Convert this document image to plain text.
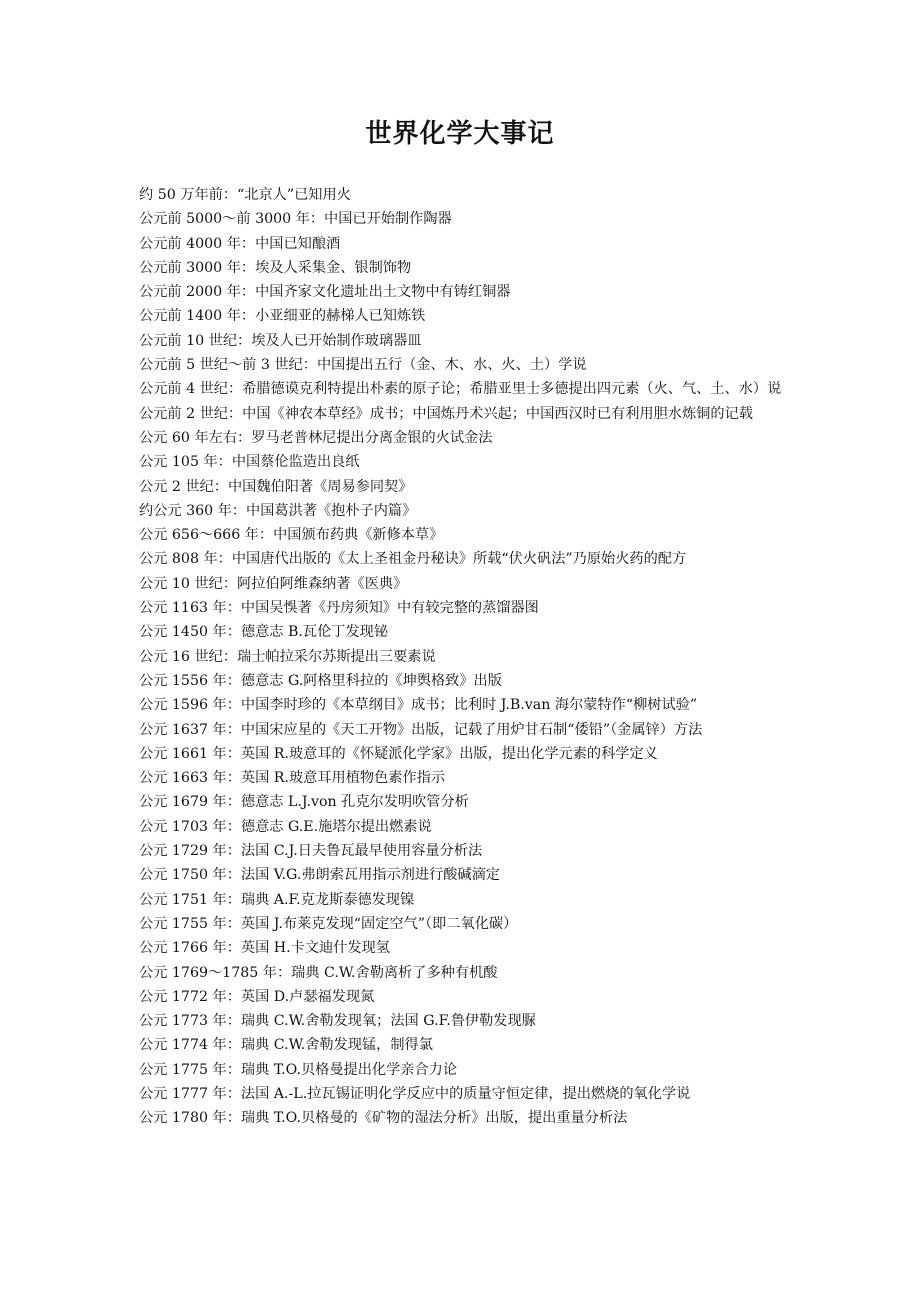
世界化学大事记
约 50 万年前：“北京人”已知用火
公元前 5000～前 3000 年：中国已开始制作陶器
公元前 4000 年：中国已知酿酒
公元前 3000 年：埃及人采集金、银制饰物
公元前 2000 年：中国齐家文化遗址出土文物中有铸红铜器
公元前 1400 年：小亚细亚的赫梯人已知炼铁
公元前 10 世纪：埃及人已开始制作玻璃器皿
公元前 5 世纪～前 3 世纪：中国提出五行（金、木、水、火、土）学说
公元前 4 世纪：希腊德谟克利特提出朴素的原子论；希腊亚里士多德提出四元素（火、气、土、水）说
公元前 2 世纪：中国《神农本草经》成书；中国炼丹术兴起；中国西汉时已有利用胆水炼铜的记载
公元 60 年左右：罗马老普林尼提出分离金银的火试金法
公元 105 年：中国蔡伦监造出良纸
公元 2 世纪：中国魏伯阳著《周易参同契》
约公元 360 年：中国葛洪著《抱朴子内篇》
公元 656～666 年：中国颁布药典《新修本草》
公元 808 年：中国唐代出版的《太上圣祖金丹秘诀》所载“伏火矾法”乃原始火药的配方
公元 10 世纪：阿拉伯阿维森纳著《医典》
公元 1163 年：中国吴悞著《丹房须知》中有较完整的蒸馏器图
公元 1450 年：德意志 B.瓦伦丁发现铋
公元 16 世纪：瑞士帕拉采尔苏斯提出三要素说
公元 1556 年：德意志 G.阿格里科拉的《坤舆格致》出版
公元 1596 年：中国李时珍的《本草纲目》成书；比利时 J.B.van 海尔蒙特作“柳树试验”
公元 1637 年：中国宋应星的《天工开物》出版，记载了用炉甘石制“倭铅”（金属锌）方法
公元 1661 年：英国 R.玻意耳的《怀疑派化学家》出版，提出化学元素的科学定义
公元 1663 年：英国 R.玻意耳用植物色素作指示
公元 1679 年：德意志 L.J.von 孔克尔发明吹管分析
公元 1703 年：德意志 G.E.施塔尔提出燃素说
公元 1729 年：法国 C.J.日夫鲁瓦最早使用容量分析法
公元 1750 年：法国 V.G.弗朗索瓦用指示剂进行酸碱滴定
公元 1751 年：瑞典 A.F.克龙斯泰德发现镍
公元 1755 年：英国 J.布莱克发现“固定空气”（即二氧化碳）
公元 1766 年：英国 H.卡文迪什发现氢
公元 1769～1785 年：瑞典 C.W.舍勒离析了多种有机酸
公元 1772 年：英国 D.卢瑟福发现氮
公元 1773 年：瑞典 C.W.舍勒发现氧；法国 G.F.鲁伊勒发现脲
公元 1774 年：瑞典 C.W.舍勒发现锰，制得氯
公元 1775 年：瑞典 T.O.贝格曼提出化学亲合力论
公元 1777 年：法国 A.-L.拉瓦锡证明化学反应中的质量守恒定律，提出燃烧的氧化学说
公元 1780 年：瑞典 T.O.贝格曼的《矿物的湿法分析》出版，提出重量分析法
